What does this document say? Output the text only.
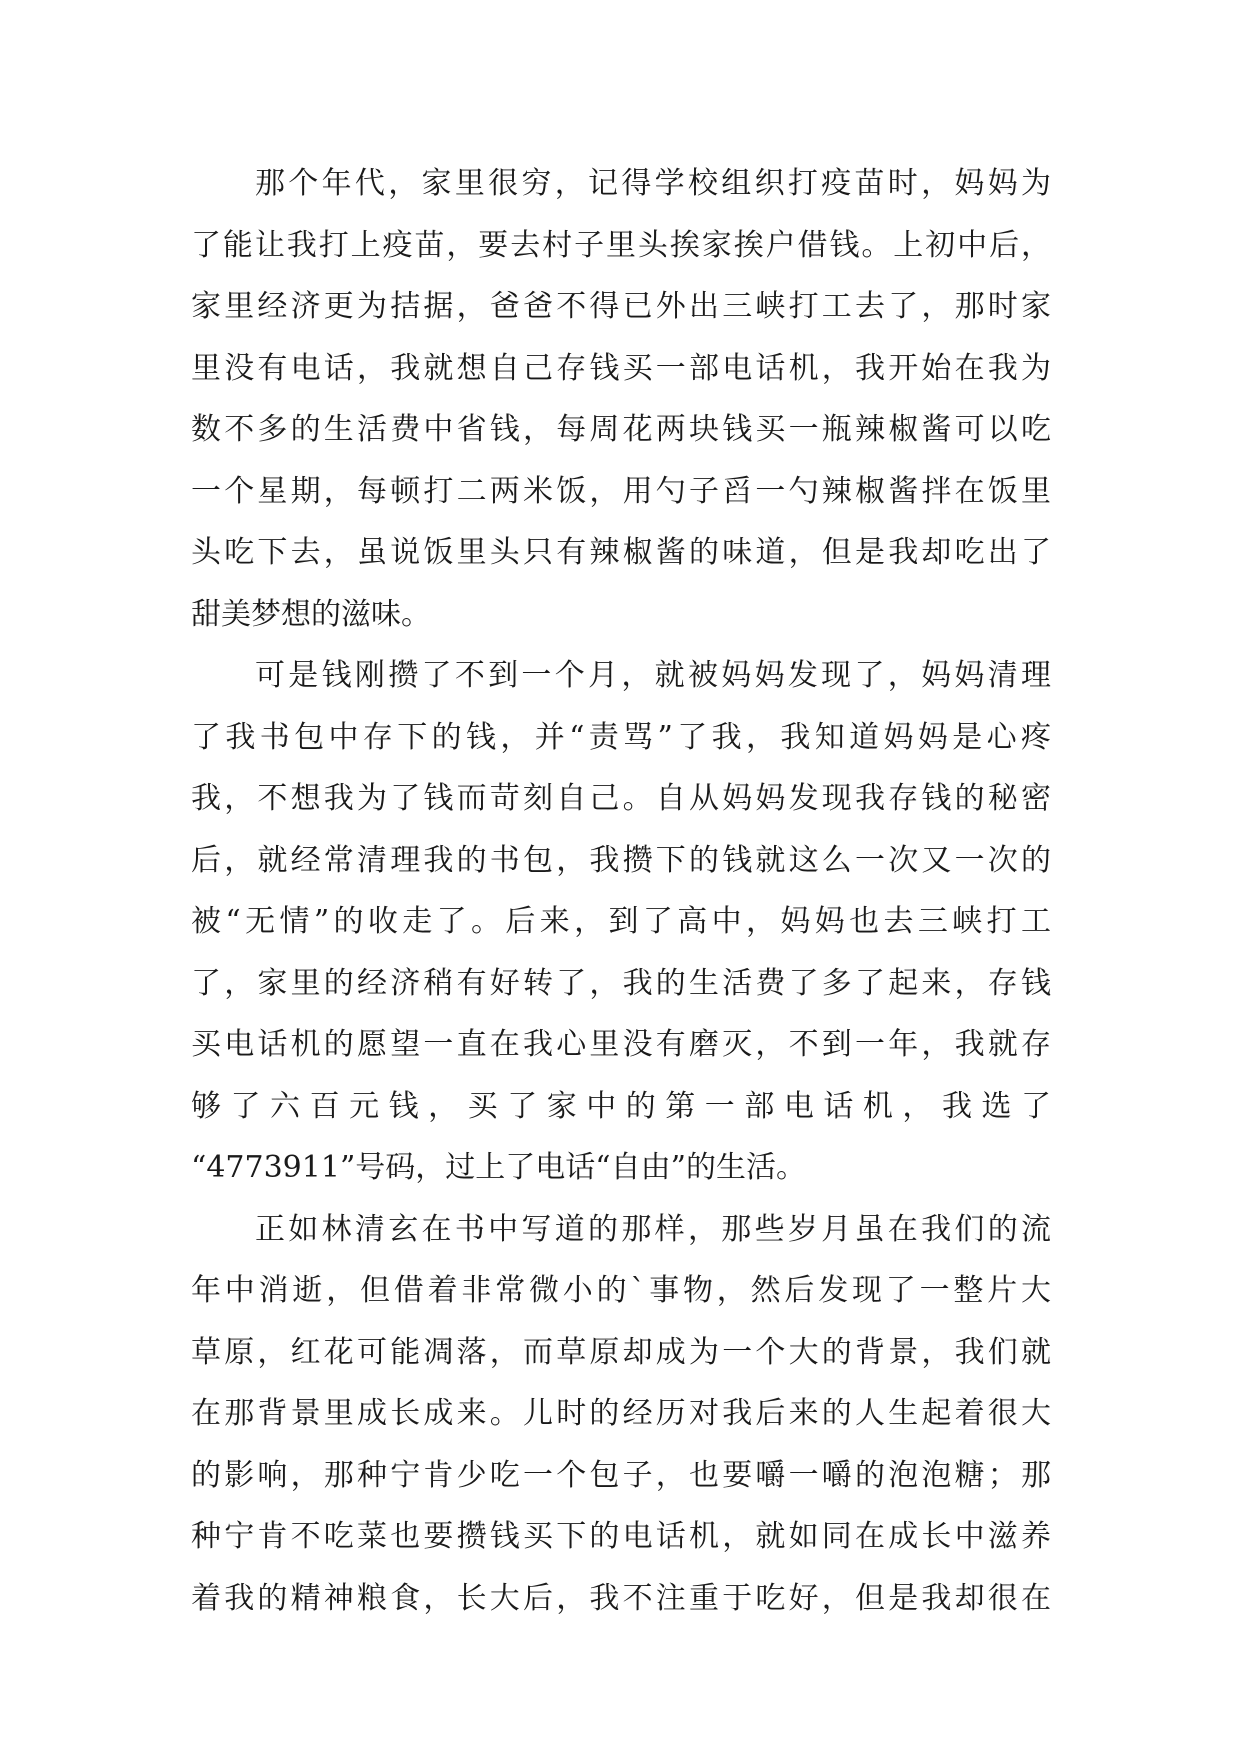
那个年代，家里很穷，记得学校组织打疫苗时，妈妈为
了能让我打上疫苗，要去村子里头挨家挨户借钱。上初中后，
家里经济更为拮据，爸爸不得已外出三峡打工去了，那时家
里没有电话，我就想自己存钱买一部电话机，我开始在我为
数不多的生活费中省钱，每周花两块钱买一瓶辣椒酱可以吃
一个星期，每顿打二两米饭，用勺子舀一勺辣椒酱拌在饭里
头吃下去，虽说饭里头只有辣椒酱的味道，但是我却吃出了
甜美梦想的滋味。
可是钱刚攒了不到一个月，就被妈妈发现了，妈妈清理
了我书包中存下的钱，并“责骂”了我，我知道妈妈是心疼
我，不想我为了钱而苛刻自己。自从妈妈发现我存钱的秘密
后，就经常清理我的书包，我攒下的钱就这么一次又一次的
被“无情”的收走了。后来，到了高中，妈妈也去三峡打工
了，家里的经济稍有好转了，我的生活费了多了起来，存钱
买电话机的愿望一直在我心里没有磨灭，不到一年，我就存
够了六百元钱，买了家中的第一部电话机，我选了
“4773911”号码，过上了电话“自由”的生活。
正如林清玄在书中写道的那样，那些岁月虽在我们的流
年中消逝，但借着非常微小的`事物，然后发现了一整片大
草原，红花可能凋落，而草原却成为一个大的背景，我们就
在那背景里成长成来。儿时的经历对我后来的人生起着很大
的影响，那种宁肯少吃一个包子，也要嚼一嚼的泡泡糖；那
种宁肯不吃菜也要攒钱买下的电话机，就如同在成长中滋养
着我的精神粮食，长大后，我不注重于吃好，但是我却很在
